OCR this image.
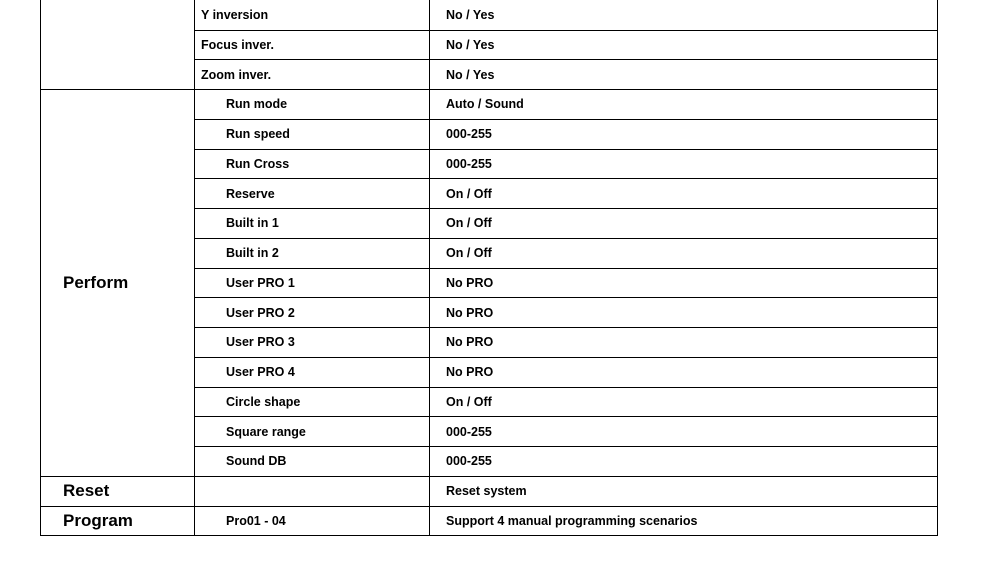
	Y inversion	No / Yes
	Focus inver.	No / Yes
	Zoom inver.	No / Yes
Perform	Run mode	Auto / Sound
	Run speed	000-255
	Run Cross	000-255
	Reserve	On / Off
	Built in 1	On / Off
	Built in 2	On / Off
	User PRO 1	No PRO
	User PRO 2	No PRO
	User PRO 3	No PRO
	User PRO 4	No PRO
	Circle shape	On / Off
	Square range	000-255
	Sound DB	000-255
Reset		Reset system
Program	Pro01 - 04	Support 4 manual programming scenarios
